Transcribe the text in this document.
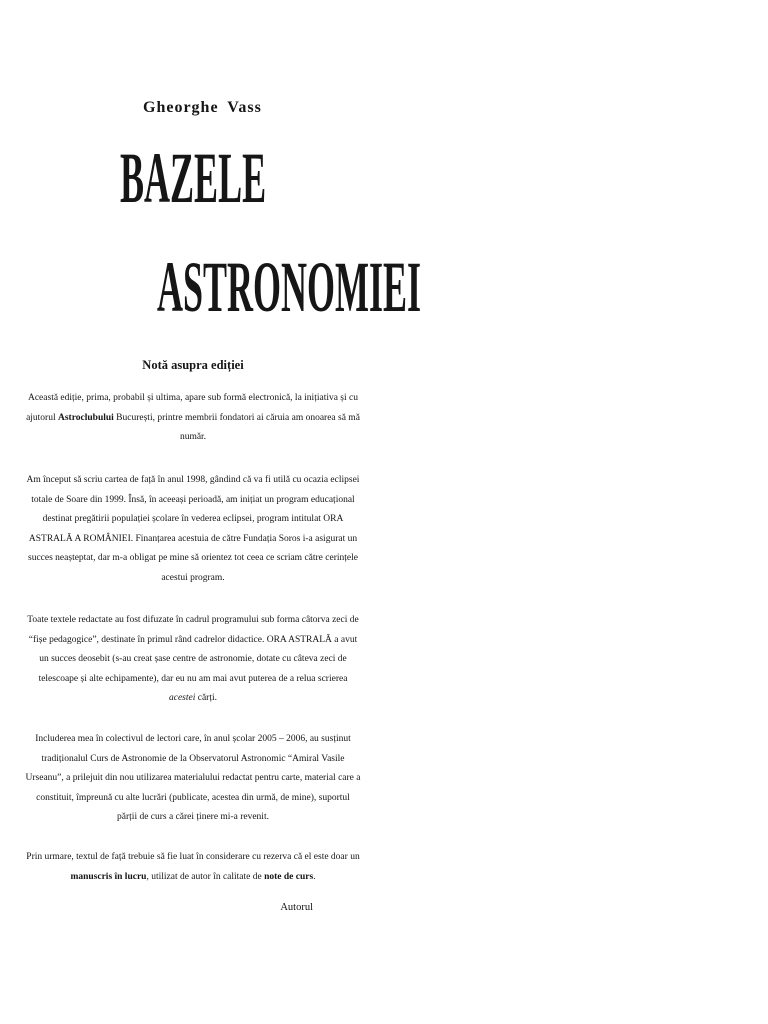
Gheorghe Vass
BAZELE
ASTRONOMIEI
Notă asupra ediției

Această ediție, prima, probabil și ultima, apare sub formă electronică, la inițiativa și cu ajutorul Astroclubului București, printre membrii fondatori ai căruia am onoarea să mă număr.

Am început să scriu cartea de față în anul 1998, gândind că va fi utilă cu ocazia eclipsei totale de Soare din 1999. Însă, în aceeași perioadă, am inițiat un program educațional destinat pregătirii populației școlare în vederea eclipsei, program intitulat ORA ASTRALĂ A ROMÂNIEI. Finanțarea acestuia de către Fundația Soros i-a asigurat un succes neașteptat, dar m-a obligat pe mine să orientez tot ceea ce scriam către cerințele acestui program.

Toate textele redactate au fost difuzate în cadrul programului sub forma câtorva zeci de “fișe pedagogice”, destinate în primul rând cadrelor didactice. ORA ASTRALĂ a avut un succes deosebit (s-au creat șase centre de astronomie, dotate cu câteva zeci de telescoape și alte echipamente), dar eu nu am mai avut puterea de a relua scrierea acestei cărți.

Includerea mea în colectivul de lectori care, în anul școlar 2005 – 2006, au susținut tradiționalul Curs de Astronomie de la Observatorul Astronomic “Amiral Vasile Urseanu”, a prilejuit din nou utilizarea materialului redactat pentru carte, material care a constituit, împreună cu alte lucrări (publicate, acestea din urmă, de mine), suportul părții de curs a cărei ținere mi-a revenit.

Prin urmare, textul de față trebuie să fie luat în considerare cu rezerva că el este doar un manuscris în lucru, utilizat de autor în calitate de note de curs.

Autorul
